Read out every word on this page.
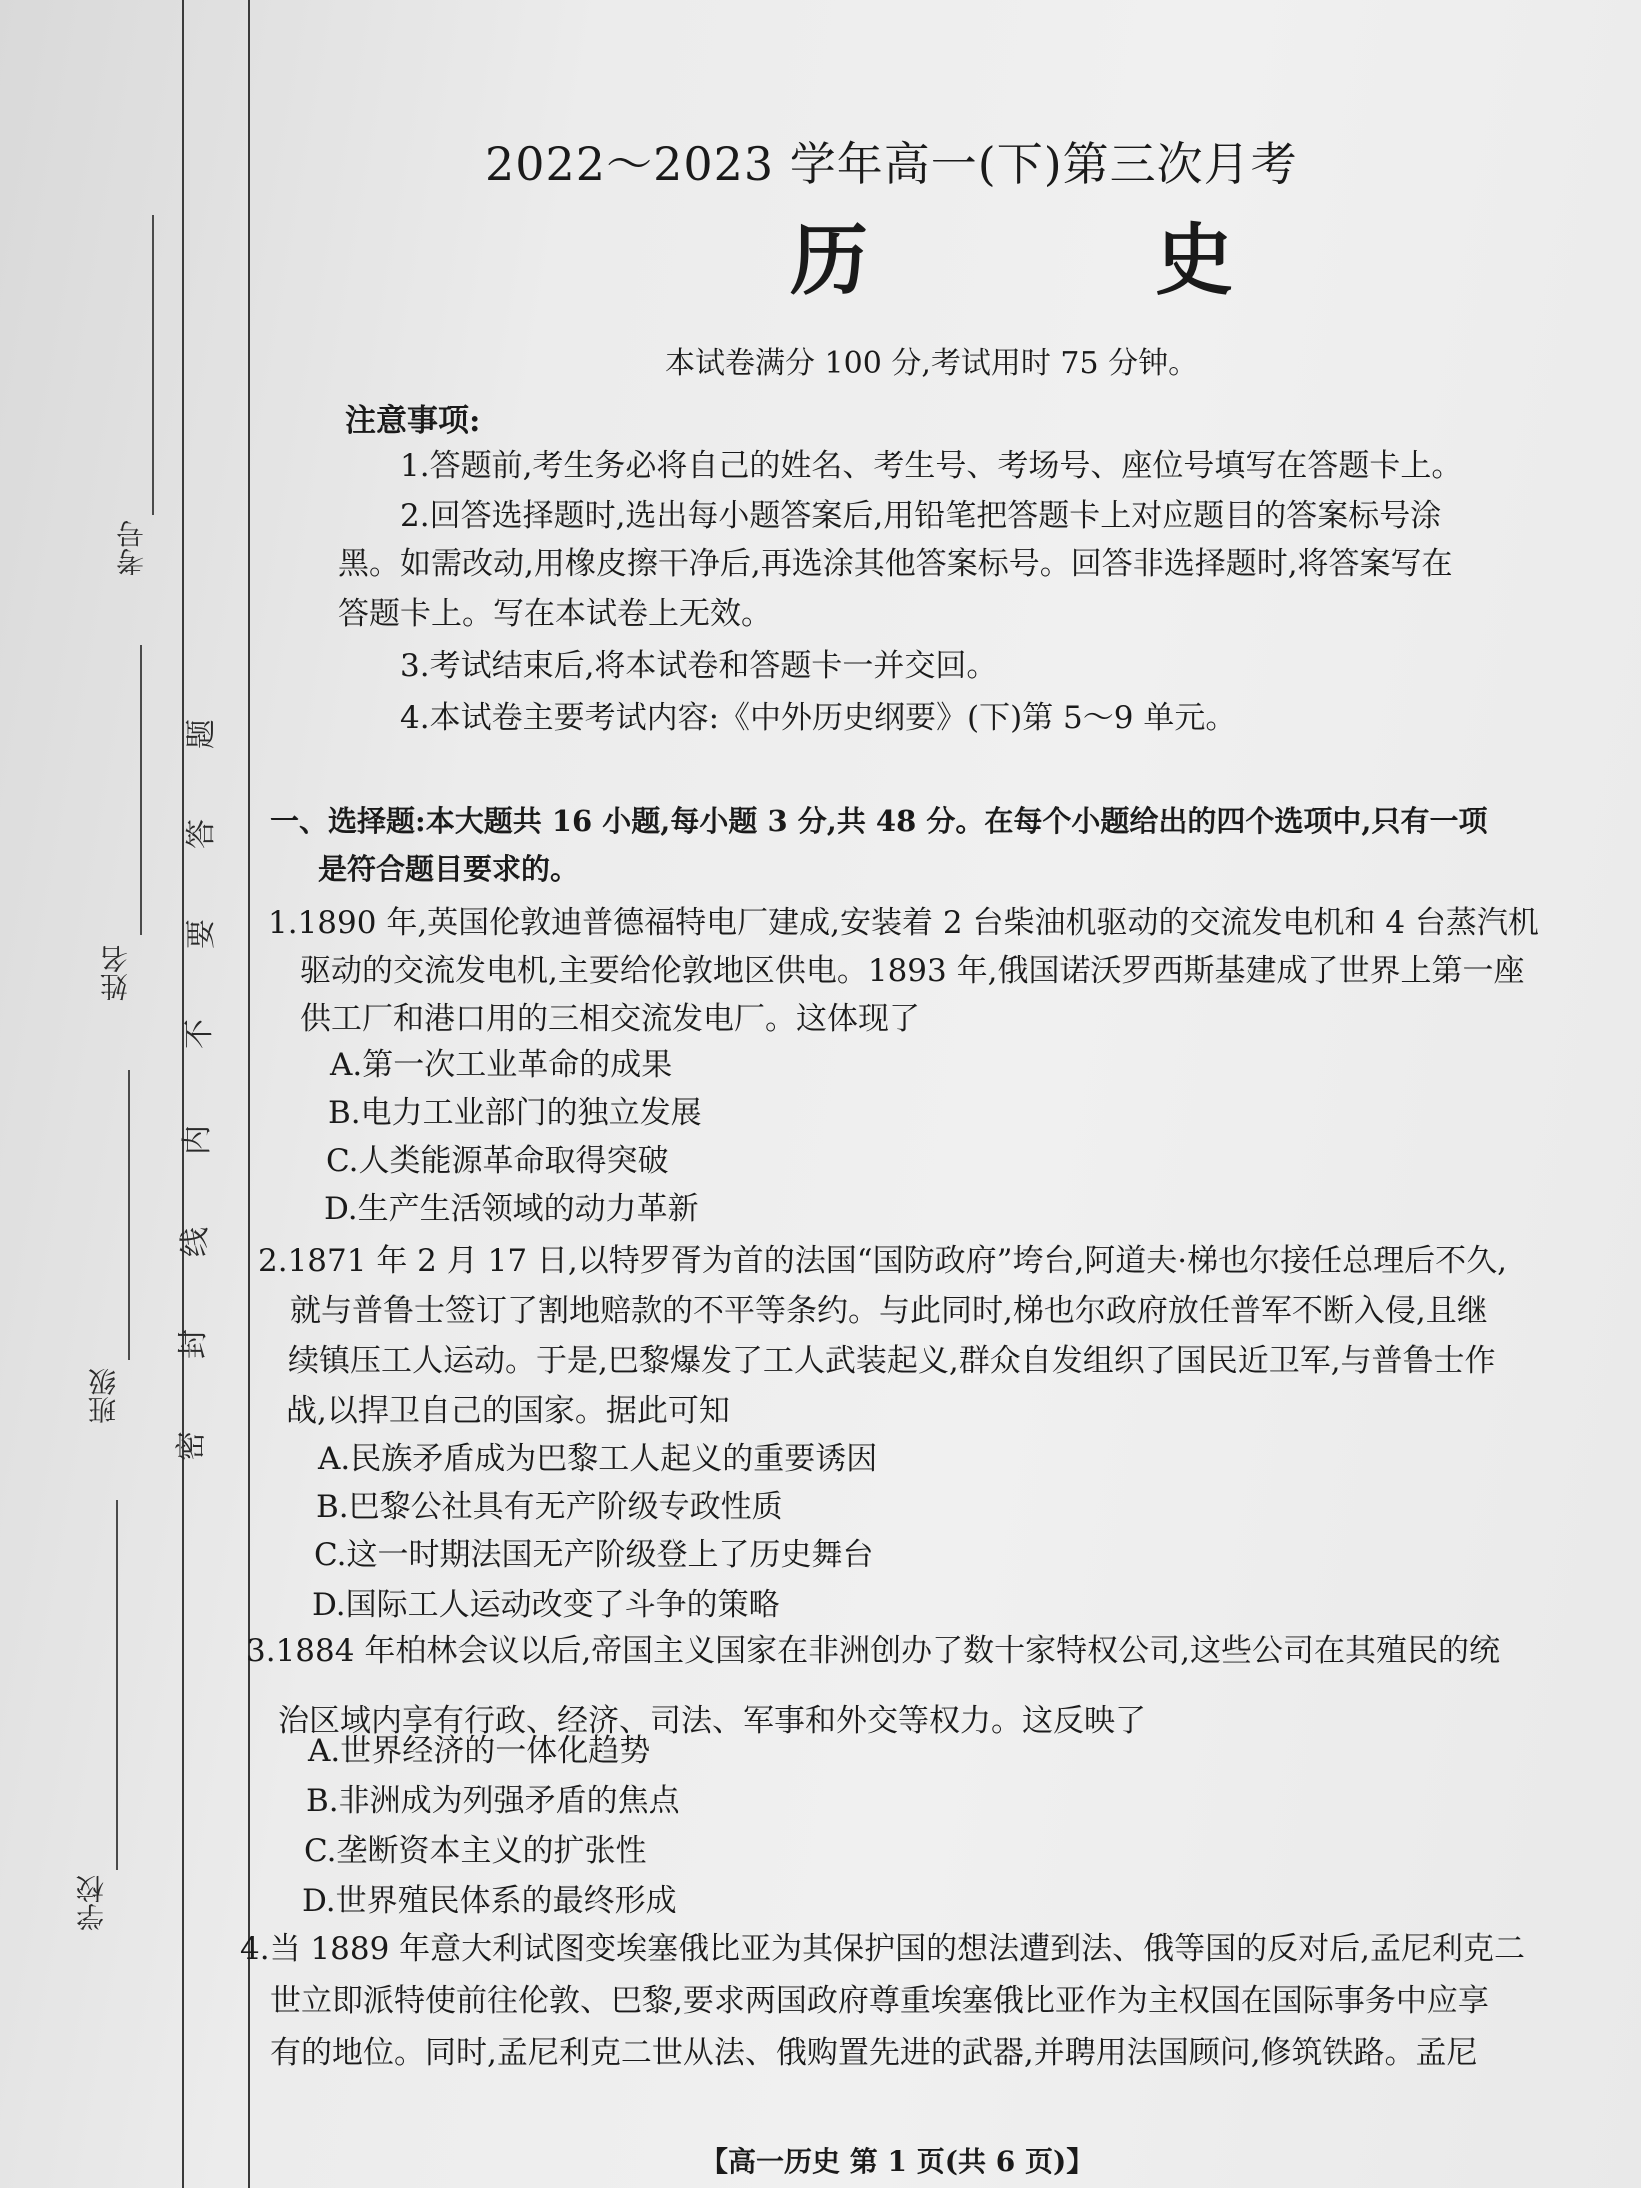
考号
姓名
班级
学校
题
答
要
不
内
线
封
密
2022～2023 学年高一(下)第三次月考
历 史
本试卷满分 100 分,考试用时 75 分钟。
注意事项:
1.答题前,考生务必将自己的姓名、考生号、考场号、座位号填写在答题卡上。
2.回答选择题时,选出每小题答案后,用铅笔把答题卡上对应题目的答案标号涂
黑。如需改动,用橡皮擦干净后,再选涂其他答案标号。回答非选择题时,将答案写在
答题卡上。写在本试卷上无效。
3.考试结束后,将本试卷和答题卡一并交回。
4.本试卷主要考试内容:《中外历史纲要》(下)第 5～9 单元。
一、选择题:本大题共 16 小题,每小题 3 分,共 48 分。在每个小题给出的四个选项中,只有一项
是符合题目要求的。
1.1890 年,英国伦敦迪普德福特电厂建成,安装着 2 台柴油机驱动的交流发电机和 4 台蒸汽机
驱动的交流发电机,主要给伦敦地区供电。1893 年,俄国诺沃罗西斯基建成了世界上第一座
供工厂和港口用的三相交流发电厂。这体现了
A.第一次工业革命的成果
B.电力工业部门的独立发展
C.人类能源革命取得突破
D.生产生活领域的动力革新
2.1871 年 2 月 17 日,以特罗胥为首的法国“国防政府”垮台,阿道夫·梯也尔接任总理后不久,
就与普鲁士签订了割地赔款的不平等条约。与此同时,梯也尔政府放任普军不断入侵,且继
续镇压工人运动。于是,巴黎爆发了工人武装起义,群众自发组织了国民近卫军,与普鲁士作
战,以捍卫自己的国家。据此可知
A.民族矛盾成为巴黎工人起义的重要诱因
B.巴黎公社具有无产阶级专政性质
C.这一时期法国无产阶级登上了历史舞台
D.国际工人运动改变了斗争的策略
3.1884 年柏林会议以后,帝国主义国家在非洲创办了数十家特权公司,这些公司在其殖民的统
治区域内享有行政、经济、司法、军事和外交等权力。这反映了
A.世界经济的一体化趋势
B.非洲成为列强矛盾的焦点
C.垄断资本主义的扩张性
D.世界殖民体系的最终形成
4.当 1889 年意大利试图变埃塞俄比亚为其保护国的想法遭到法、俄等国的反对后,孟尼利克二
世立即派特使前往伦敦、巴黎,要求两国政府尊重埃塞俄比亚作为主权国在国际事务中应享
有的地位。同时,孟尼利克二世从法、俄购置先进的武器,并聘用法国顾问,修筑铁路。孟尼
【高一历史 第 1 页(共 6 页)】
